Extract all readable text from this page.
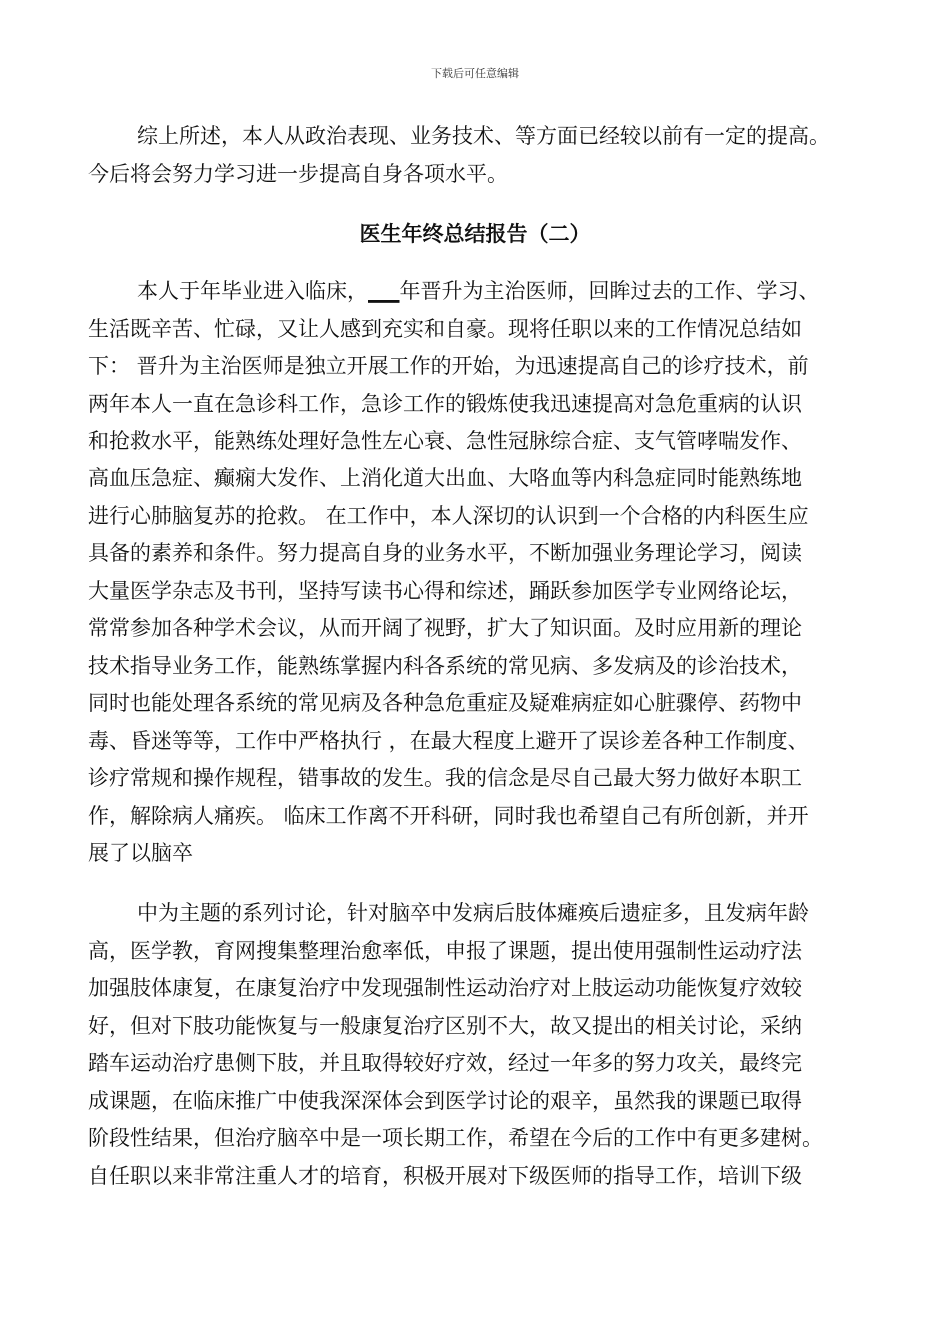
下载后可任意编辑
综上所述，本人从政治表现、业务技术、等方面已经较以前有一定的提高。
今后将会努力学习进一步提高自身各项水平。
医生年终总结报告（二）
本人于年毕业进入临床，___年晋升为主治医师，回眸过去的工作、学习、
生活既辛苦、忙碌，又让人感到充实和自豪。现将任职以来的工作情况总结如
下： 晋升为主治医师是独立开展工作的开始，为迅速提高自己的诊疗技术，前
两年本人一直在急诊科工作，急诊工作的锻炼使我迅速提高对急危重病的认识
和抢救水平，能熟练处理好急性左心衰、急性冠脉综合症、支气管哮喘发作、
高血压急症、癫痫大发作、上消化道大出血、大咯血等内科急症同时能熟练地
进行心肺脑复苏的抢救。 在工作中，本人深切的认识到一个合格的内科医生应
具备的素养和条件。努力提高自身的业务水平，不断加强业务理论学习，阅读
大量医学杂志及书刊，坚持写读书心得和综述，踊跃参加医学专业网络论坛，
常常参加各种学术会议，从而开阔了视野，扩大了知识面。及时应用新的理论
技术指导业务工作，能熟练掌握内科各系统的常见病、多发病及的诊治技术，
同时也能处理各系统的常见病及各种急危重症及疑难病症如心脏骤停、药物中
毒、昏迷等等，工作中严格执行 ，在最大程度上避开了误诊差各种工作制度、
诊疗常规和操作规程，错事故的发生。我的信念是尽自己最大努力做好本职工
作，解除病人痛疾。 临床工作离不开科研，同时我也希望自己有所创新，并开
展了以脑卒
中为主题的系列讨论，针对脑卒中发病后肢体瘫痪后遗症多，且发病年龄
高，医学教，育网搜集整理治愈率低，申报了课题，提出使用强制性运动疗法
加强肢体康复，在康复治疗中发现强制性运动治疗对上肢运动功能恢复疗效较
好，但对下肢功能恢复与一般康复治疗区别不大，故又提出的相关讨论，采纳
踏车运动治疗患侧下肢，并且取得较好疗效，经过一年多的努力攻关，最终完
成课题，在临床推广中使我深深体会到医学讨论的艰辛，虽然我的课题已取得
阶段性结果，但治疗脑卒中是一项长期工作，希望在今后的工作中有更多建树。
自任职以来非常注重人才的培育，积极开展对下级医师的指导工作，培训下级
